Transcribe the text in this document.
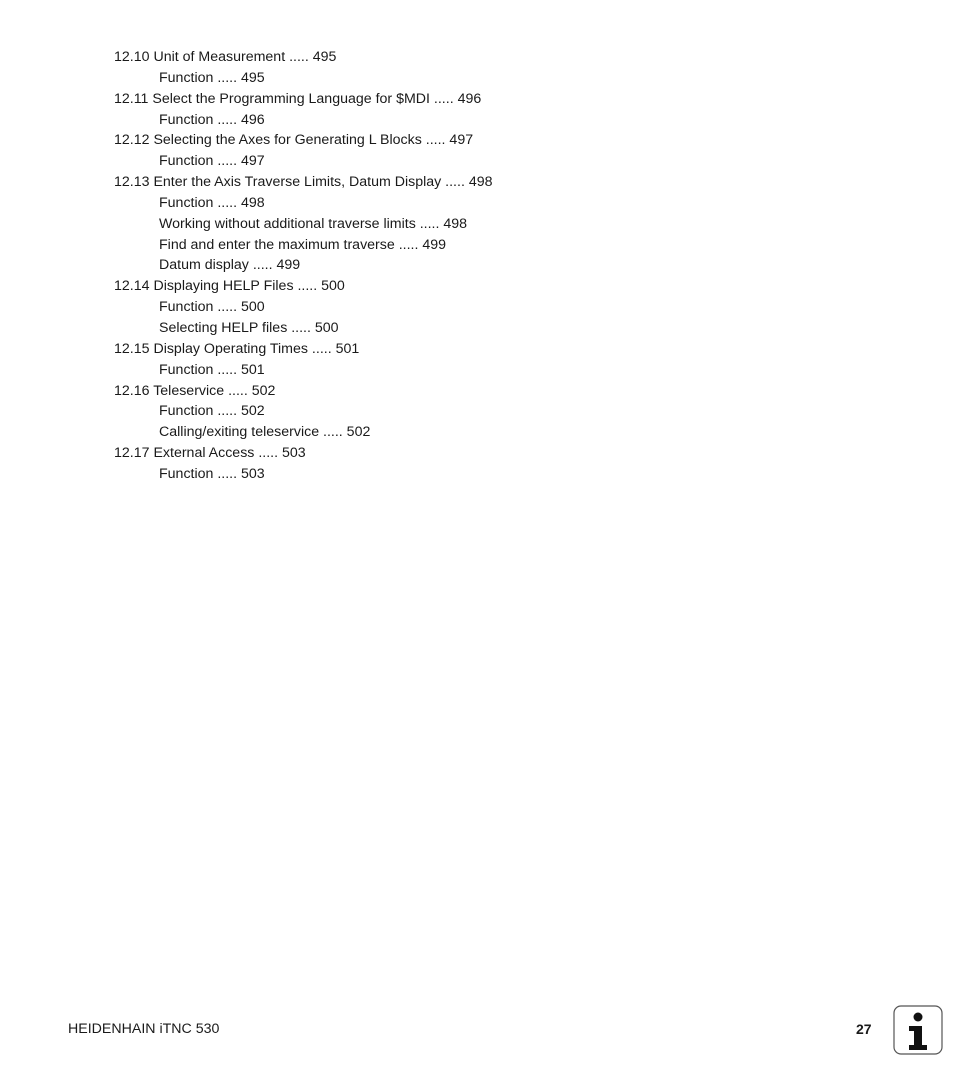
12.10 Unit of Measurement ..... 495
Function ..... 495
12.11 Select the Programming Language for $MDI ..... 496
Function ..... 496
12.12 Selecting the Axes for Generating L Blocks ..... 497
Function ..... 497
12.13 Enter the Axis Traverse Limits, Datum Display ..... 498
Function ..... 498
Working without additional traverse limits ..... 498
Find and enter the maximum traverse ..... 499
Datum display ..... 499
12.14 Displaying HELP Files ..... 500
Function ..... 500
Selecting HELP files ..... 500
12.15 Display Operating Times ..... 501
Function ..... 501
12.16 Teleservice ..... 502
Function ..... 502
Calling/exiting teleservice ..... 502
12.17 External Access ..... 503
Function ..... 503
HEIDENHAIN iTNC 530	27
